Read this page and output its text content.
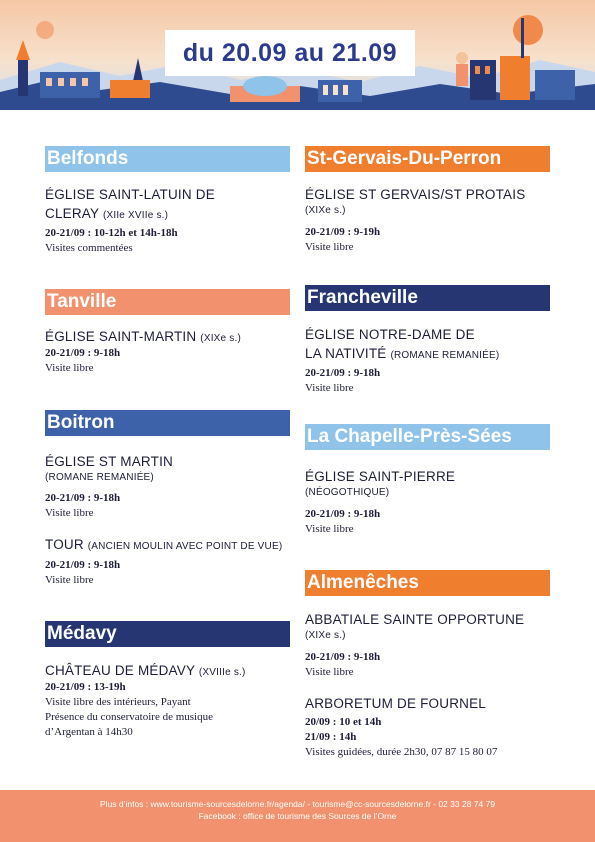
du 20.09 au 21.09
Belfonds
ÉGLISE SAINT-LATUIN DE
CLERAY (XIIe XVIIe s.)
20-21/09 : 10-12h et 14h-18h
Visites commentées
Tanville
ÉGLISE SAINT-MARTIN (XIXe s.)
20-21/09 : 9-18h
Visite libre
Boitron
ÉGLISE ST MARTIN
(ROMANE REMANIÉE)
20-21/09 : 9-18h
Visite libre
TOUR (ANCIEN MOULIN AVEC POINT DE VUE)
20-21/09 : 9-18h
Visite libre
Médavy
CHÂTEAU DE MÉDAVY (XVIIIe s.)
20-21/09 : 13-19h
Visite libre des intérieurs, Payant
Présence du conservatoire de musique
d’Argentan à 14h30
St-Gervais-Du-Perron
ÉGLISE ST GERVAIS/ST PROTAIS
(XIXe s.)
20-21/09 : 9-19h
Visite libre
Francheville
ÉGLISE NOTRE-DAME DE
LA NATIVITÉ (ROMANE REMANIÉE)
20-21/09 : 9-18h
Visite libre
La Chapelle-Près-Sées
ÉGLISE SAINT-PIERRE
(NÉOGOTHIQUE)
20-21/09 : 9-18h
Visite libre
Almenêches
ABBATIALE SAINTE OPPORTUNE
(XIXe s.)
20-21/09 : 9-18h
Visite libre
ARBORETUM DE FOURNEL
20/09 : 10 et 14h
21/09 : 14h
Visites guidées, durée 2h30, 07 87 15 80 07
Plus d’infos : www.tourisme-sourcesdelorne.fr/agenda/ - tourisme@cc-sourcesdelorne.fr - 02 33 28 74 79
Facebook : office de tourisme des Sources de l’Orne
